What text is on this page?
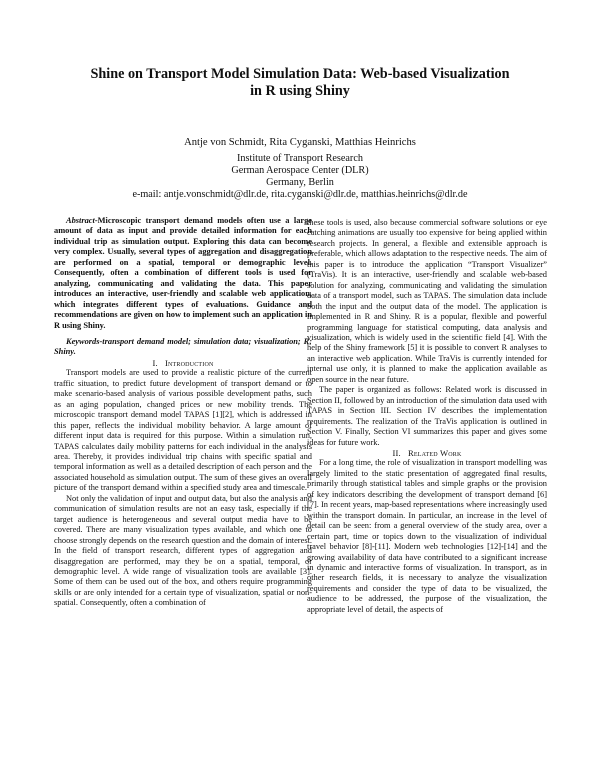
Shine on Transport Model Simulation Data: Web-based Visualization
in R using Shiny
Antje von Schmidt, Rita Cyganski, Matthias Heinrichs
Institute of Transport Research
German Aerospace Center (DLR)
Germany, Berlin
e-mail: antje.vonschmidt@dlr.de, rita.cyganski@dlr.de, matthias.heinrichs@dlr.de

Abstract-Microscopic transport demand models often use a large amount of data as input and provide detailed information for each individual trip as simulation output. Exploring this data can become very complex. Usually, several types of aggregation and disaggregation are performed on a spatial, temporal or demographic level. Consequently, often a combination of different tools is used for analyzing, communicating and validating the data. This paper introduces an interactive, user-friendly and scalable web application, which integrates different types of evaluations. Guidance and recommendations are given on how to implement such an application in R using Shiny.

Keywords-transport demand model; simulation data; visualization; R; Shiny.

I. Introduction

Transport models are used to provide a realistic picture of the current traffic situation, to predict future development of transport demand or to make scenario-based analysis of various possible development paths, such as an aging population, changed prices or new mobility trends. The microscopic transport demand model TAPAS [1][2], which is addressed in this paper, reflects the individual mobility behavior. A large amount of different input data is required for this purpose. Within a simulation run, TAPAS calculates daily mobility patterns for each individual in the analysis area. Thereby, it provides individual trip chains with specific spatial and temporal information as well as a detailed description of each person and the associated household as simulation output. The sum of these gives an overall picture of the transport demand within a specified study area and timescale.

Not only the validation of input and output data, but also the analysis and communication of simulation results are not an easy task, especially if the target audience is heterogeneous and several output media have to be covered. There are many visualization types available, and which one to choose strongly depends on the research question and the domain of interest. In the field of transport research, different types of aggregation and disaggregation are performed, may they be on a spatial, temporal, or demographic level. A wide range of visualization tools are available [3]. Some of them can be used out of the box, and others require programming skills or are only intended for a certain type of visualization, spatial or non-spatial. Consequently, often a combination of

these tools is used, also because commercial software solutions or eye catching animations are usually too expensive for being applied within research projects. In general, a flexible and extensible approach is preferable, which allows adaptation to the respective needs. The aim of this paper is to introduce the application “Transport Visualizer” (TraVis). It is an interactive, user-friendly and scalable web-based solution for analyzing, communicating and validating the simulation data of a transport model, such as TAPAS. The simulation data include both the input and the output data of the model. The application is implemented in R and Shiny. R is a popular, flexible and powerful programming language for statistical computing, data analysis and visualization, which is widely used in the scientific field [4]. With the help of the Shiny framework [5] it is possible to convert R analyses to an interactive web application. While TraVis is currently intended for internal use only, it is planned to make the application available as open source in the near future.

The paper is organized as follows: Related work is discussed in Section II, followed by an introduction of the simulation data used with TAPAS in Section III. Section IV describes the implementation requirements. The realization of the TraVis application is outlined in Section V. Finally, Section VI summarizes this paper and gives some ideas for future work.

II. Related Work

For a long time, the role of visualization in transport modelling was largely limited to the static presentation of aggregated final results, primarily through statistical tables and simple graphs or the provision of key indicators describing the development of transport demand [6][7]. In recent years, map-based representations where increasingly used within the transport domain. In particular, an increase in the level of detail can be seen: from a general overview of the study area, over a certain part, time or topics down to the visualization of individual travel behavior [8]-[11]. Modern web technologies [12]-[14] and the growing availability of data have contributed to a significant increase in dynamic and interactive forms of visualization. In transport, as in other research fields, it is necessary to analyze the visualization requirements and consider the type of data to be visualized, the audience to be addressed, the purpose of the visualization, the appropriate level of detail, the aspects of
